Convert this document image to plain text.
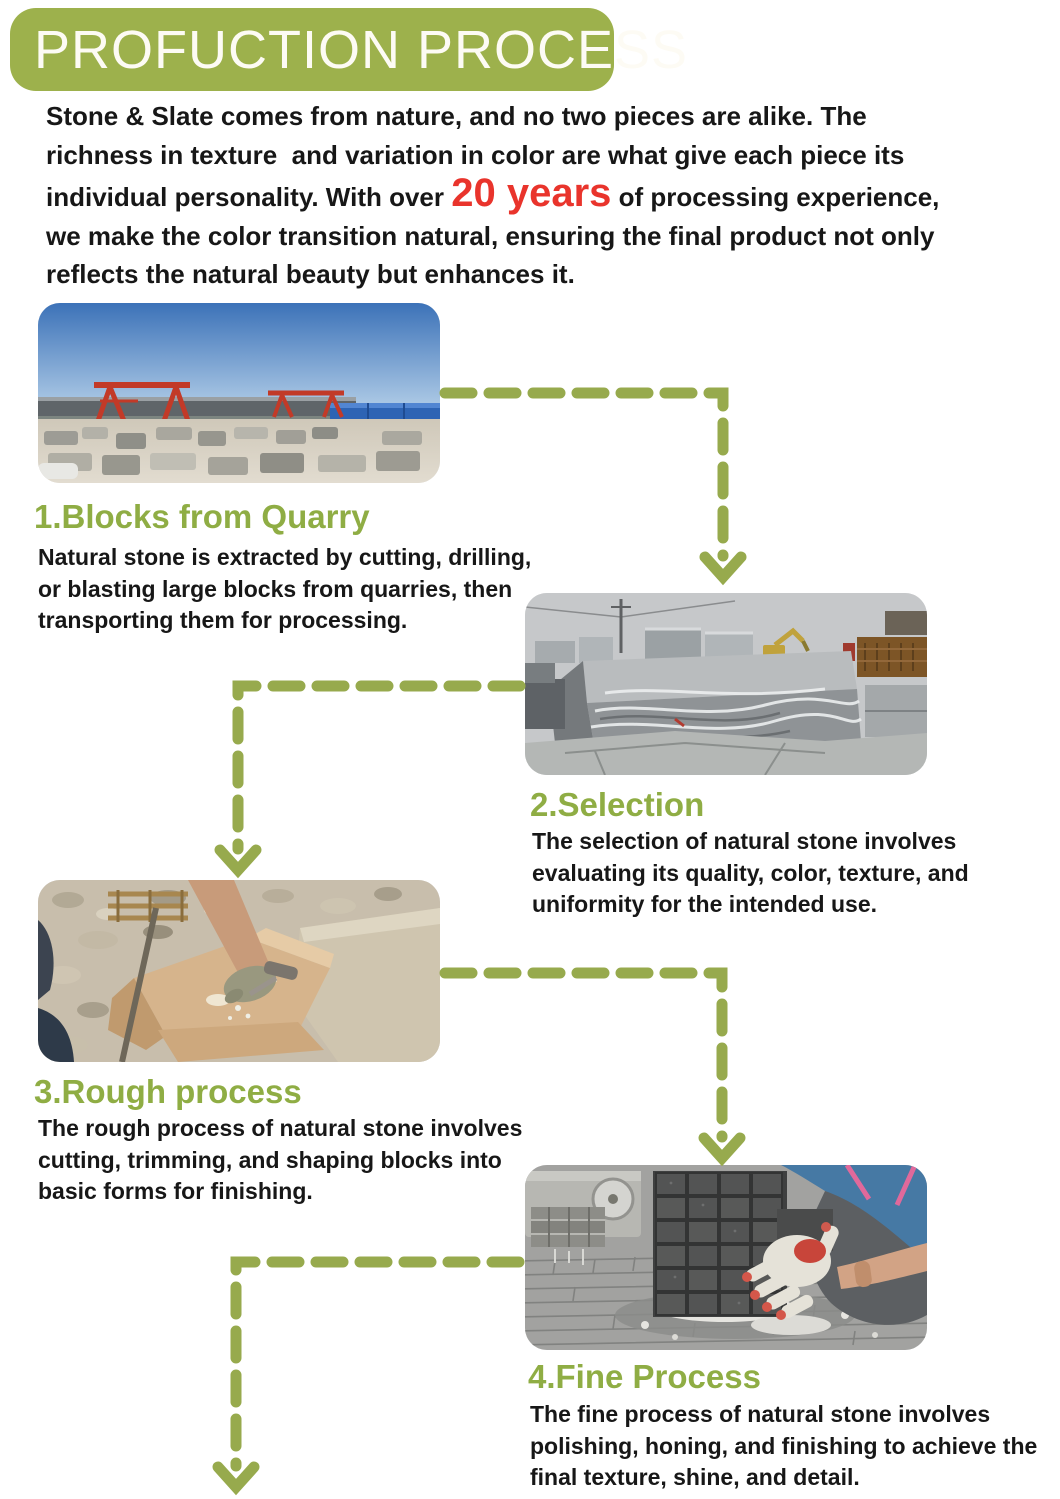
PROFUCTION PROCESS
Stone & Slate comes from nature, and no two pieces are alike. The
richness in texture  and variation in color are what give each piece its
individual personality. With over 20 years of processing experience,
we make the color transition natural, ensuring the final product not only
reflects the natural beauty but enhances it.
1.Blocks from Quarry
Natural stone is extracted by cutting, drilling,
or blasting large blocks from quarries, then
transporting them for processing.
2.Selection
The selection of natural stone involves
evaluating its quality, color, texture, and
uniformity for the intended use.
3.Rough process
The rough process of natural stone involves
cutting, trimming, and shaping blocks into
basic forms for finishing.
4.Fine Process
The fine process of natural stone involves
polishing, honing, and finishing to achieve the
final texture, shine, and detail.
